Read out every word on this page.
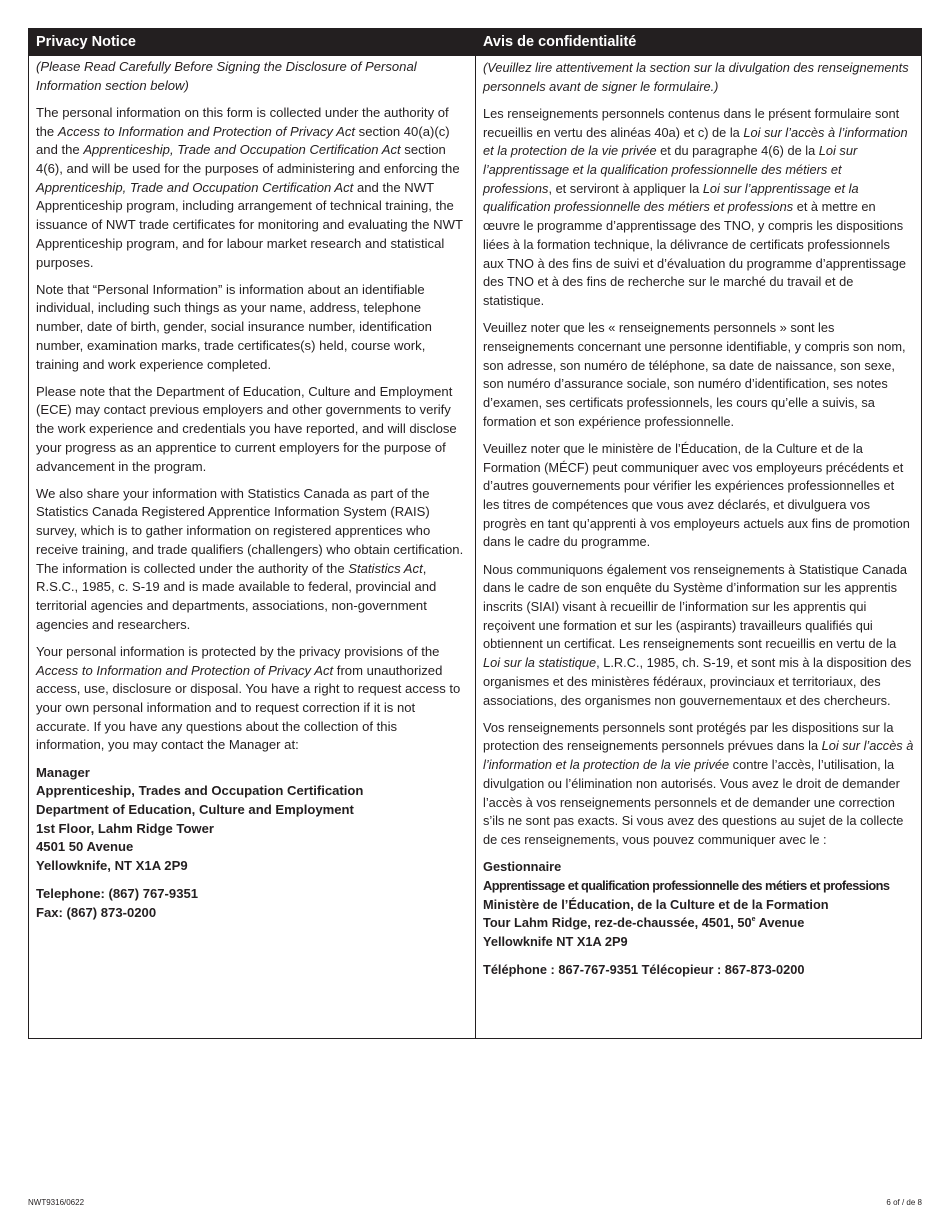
Privacy Notice

(Please Read Carefully Before Signing the Disclosure of Personal Information section below)

The personal information on this form is collected under the authority of the Access to Information and Protection of Privacy Act section 40(a)(c) and the Apprenticeship, Trade and Occupation Certification Act section 4(6), and will be used for the purposes of administering and enforcing the Apprenticeship, Trade and Occupation Certification Act and the NWT Apprenticeship program, including arrangement of technical training, the issuance of NWT trade certificates for monitoring and evaluating the NWT Apprenticeship program, and for labour market research and statistical purposes.

Note that “Personal Information” is information about an identifiable individual, including such things as your name, address, telephone number, date of birth, gender, social insurance number, identification number, examination marks, trade certificates(s) held, course work, training and work experience completed.

Please note that the Department of Education, Culture and Employment (ECE) may contact previous employers and other governments to verify the work experience and credentials you have reported, and will disclose your progress as an apprentice to current employers for the purpose of advancement in the program.

We also share your information with Statistics Canada as part of the Statistics Canada Registered Apprentice Information System (RAIS) survey, which is to gather information on registered apprentices who receive training, and trade qualifiers (challengers) who obtain certification. The information is collected under the authority of the Statistics Act, R.S.C., 1985, c. S-19 and is made available to federal, provincial and territorial agencies and departments, associations, non-government agencies and researchers.

Your personal information is protected by the privacy provisions of the Access to Information and Protection of Privacy Act from unauthorized access, use, disclosure or disposal. You have a right to request access to your own personal information and to request correction if it is not accurate. If you have any questions about the collection of this information, you may contact the Manager at:

Manager
Apprenticeship, Trades and Occupation Certification
Department of Education, Culture and Employment
1st Floor, Lahm Ridge Tower
4501 50 Avenue
Yellowknife, NT X1A 2P9
Telephone: (867) 767-9351
Fax: (867) 873-0200
Avis de confidentialité

(Veuillez lire attentivement la section sur la divulgation des renseignements personnels avant de signer le formulaire.)

Les renseignements personnels contenus dans le présent formulaire sont recueillis en vertu des alinéas 40a) et c) de la Loi sur l’accès à l’information et la protection de la vie privée et du paragraphe 4(6) de la Loi sur l’apprentissage et la qualification professionnelle des métiers et professions, et serviront à appliquer la Loi sur l’apprentissage et la qualification professionnelle des métiers et professions et à mettre en œuvre le programme d’apprentissage des TNO, y compris les dispositions liées à la formation technique, la délivrance de certificats professionnels aux TNO à des fins de suivi et d’évaluation du programme d’apprentissage des TNO et à des fins de recherche sur le marché du travail et de statistique.

Veuillez noter que les « renseignements personnels » sont les renseignements concernant une personne identifiable, y compris son nom, son adresse, son numéro de téléphone, sa date de naissance, son sexe, son numéro d’assurance sociale, son numéro d’identification, ses notes d’examen, ses certificats professionnels, les cours qu’elle a suivis, sa formation et son expérience professionnelle.

Veuillez noter que le ministère de l’Éducation, de la Culture et de la Formation (MÉCF) peut communiquer avec vos employeurs précédents et d’autres gouvernements pour vérifier les expériences professionnelles et les titres de compétences que vous avez déclarés, et divulguera vos progrès en tant qu’apprenti à vos employeurs actuels aux fins de promotion dans le cadre du programme.

Nous communiquons également vos renseignements à Statistique Canada dans le cadre de son enquête du Système d’information sur les apprentis inscrits (SIAI) visant à recueillir de l’information sur les apprentis qui reçoivent une formation et sur les (aspirants) travailleurs qualifiés qui obtiennent un certificat. Les renseignements sont recueillis en vertu de la Loi sur la statistique, L.R.C., 1985, ch. S-19, et sont mis à la disposition des organismes et des ministères fédéraux, provinciaux et territoriaux, des associations, des organismes non gouvernementaux et des chercheurs.

Vos renseignements personnels sont protégés par les dispositions sur la protection des renseignements personnels prévues dans la Loi sur l’accès à l’information et la protection de la vie privée contre l’accès, l’utilisation, la divulgation ou l’élimination non autorisés. Vous avez le droit de demander l’accès à vos renseignements personnels et de demander une correction s’ils ne sont pas exacts. Si vous avez des questions au sujet de la collecte de ces renseignements, vous pouvez communiquer avec le :

Gestionnaire
Apprentissage et qualification professionnelle des métiers et professions
Ministère de l’Éducation, de la Culture et de la Formation
Tour Lahm Ridge, rez-de-chaussée, 4501, 50e Avenue
Yellowknife NT X1A 2P9
Téléphone : 867-767-9351 Télécopieur : 867-873-0200
NWT9316/0622	6 of / de 8
